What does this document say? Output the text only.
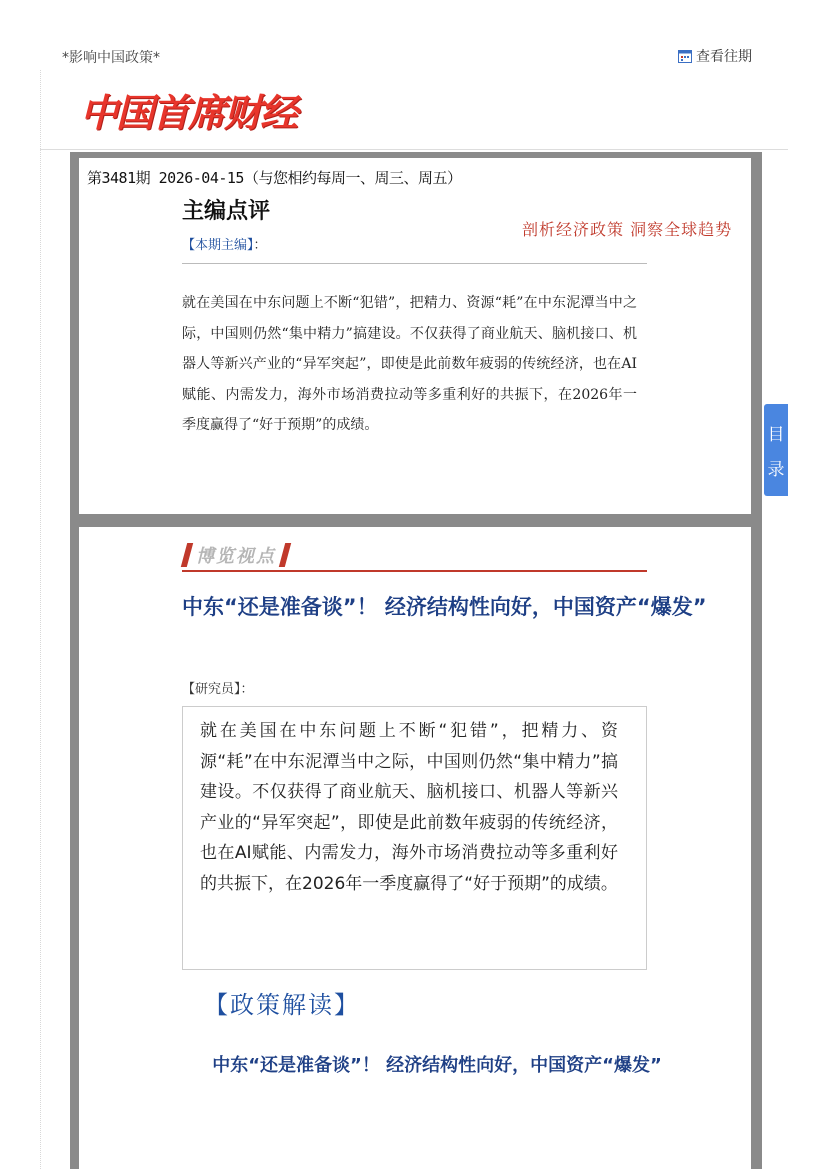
*影响中国政策*	查看往期
中国首席财经
第3481期 2026-04-15（与您相约每周一、周三、周五）
主编点评
剖析经济政策 洞察全球趋势
【本期主编】：
就在美国在中东问题上不断“犯错”，把精力、资源“耗”在中东泥潭当中之际，中国则仍然“集中精力”搞建设。不仅获得了商业航天、脑机接口、机器人等新兴产业的“异军突起”，即使是此前数年疲弱的传统经济，也在AI赋能、内需发力，海外市场消费拉动等多重利好的共振下，在2026年一季度赢得了“好于预期”的成绩。
博览视点
中东“还是准备谈”！ 经济结构性向好，中国资产“爆发”
【研究员】：
就在美国在中东问题上不断“犯错”，把精力、资源“耗”在中东泥潭当中之际，中国则仍然“集中精力”搞建设。不仅获得了商业航天、脑机接口、机器人等新兴产业的“异军突起”，即使是此前数年疲弱的传统经济，也在AI赋能、内需发力，海外市场消费拉动等多重利好的共振下，在2026年一季度赢得了“好于预期”的成绩。
【政策解读】
中东“还是准备谈”！ 经济结构性向好，中国资产“爆发”
目
录
